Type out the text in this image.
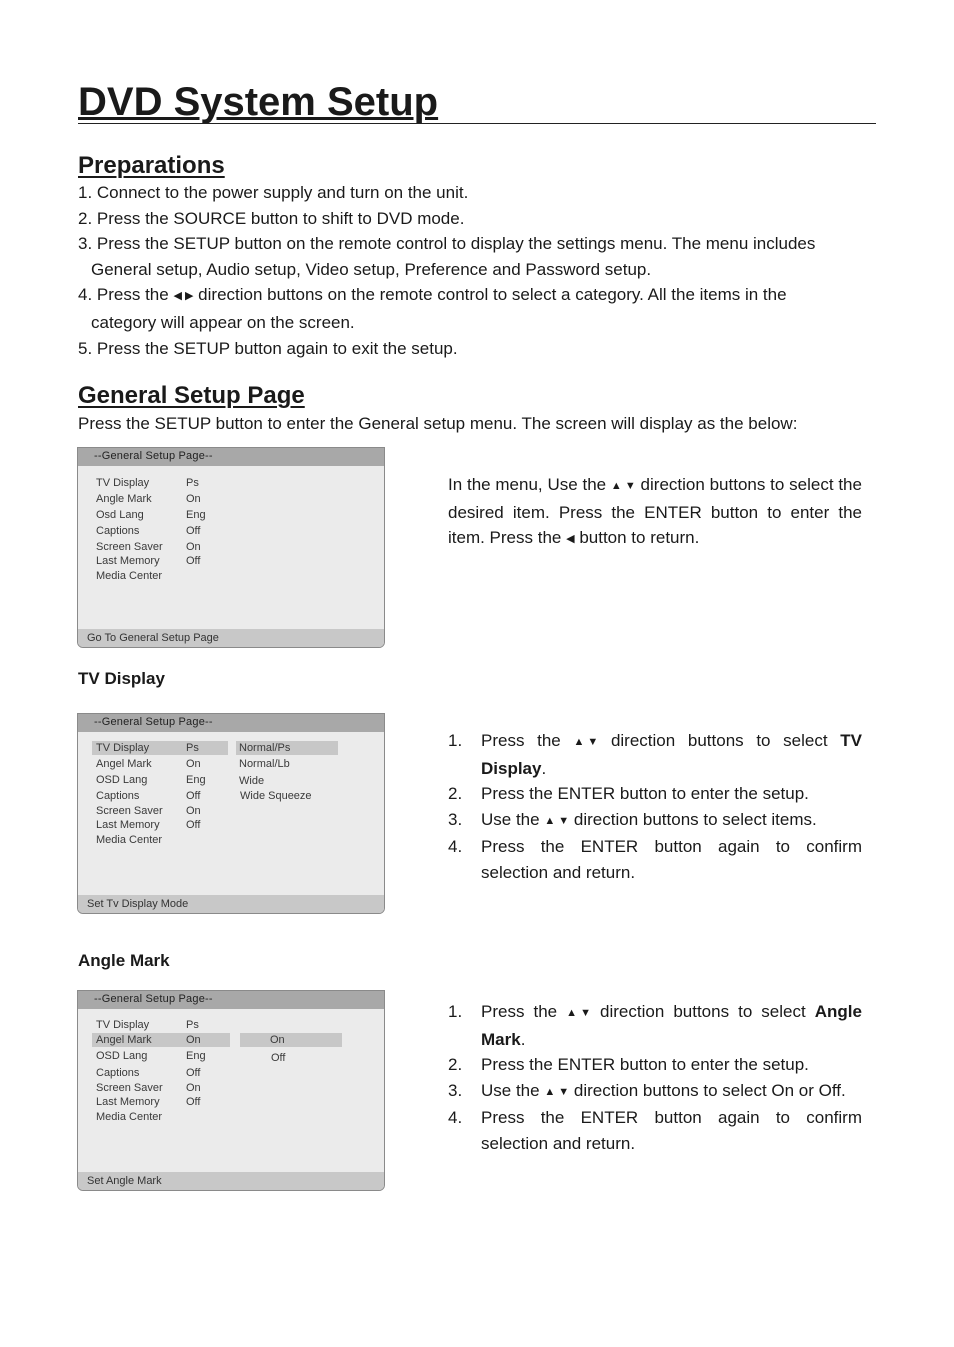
DVD System Setup
Preparations
1. Connect to the power supply and turn on the unit.
2. Press the SOURCE button to shift to DVD mode.
3. Press the SETUP button on the remote control to display the settings menu. The menu includes
General setup, Audio setup, Video setup, Preference and Password setup.
4. Press the ◀ ▶ direction buttons on the remote control to select a category. All the items in the
category will appear on the screen.
5. Press the SETUP button again to exit the setup.
General Setup Page
Press the SETUP button to enter the General setup menu. The screen will display as the below:
--General Setup Page--
TV Display	Ps
Angle Mark	On
Osd Lang	Eng
Captions	Off
Screen Saver On
Last Memory Off
Media Center
Go To General Setup Page
In the menu, Use the ▲ ▼ direction buttons to select the desired item. Press the ENTER button to enter the item. Press the ◀ button to return.
TV Display
--General Setup Page--
TV Display	Ps
Angel Mark	On
OSD Lang	Eng
Captions	Off
Screen Saver On
Last Memory Off
Media Center
Normal/Ps
Normal/Lb
Wide
Wide Squeeze
Set Tv Display Mode
1. Press the ▲ ▼ direction buttons to select TV Display.
2. Press the ENTER button to enter the setup.
3. Use the ▲ ▼ direction buttons to select items.
4. Press the ENTER button again to confirm selection and return.
Angle Mark
--General Setup Page--
TV Display	Ps
Angel Mark	On
OSD Lang	Eng
Captions	Off
Screen Saver On
Last Memory Off
Media Center
On
Off
Set Angle Mark
1. Press the ▲ ▼ direction buttons to select Angle Mark.
2. Press the ENTER button to enter the setup.
3. Use the ▲ ▼ direction buttons to select On or Off.
4. Press the ENTER button again to confirm selection and return.
